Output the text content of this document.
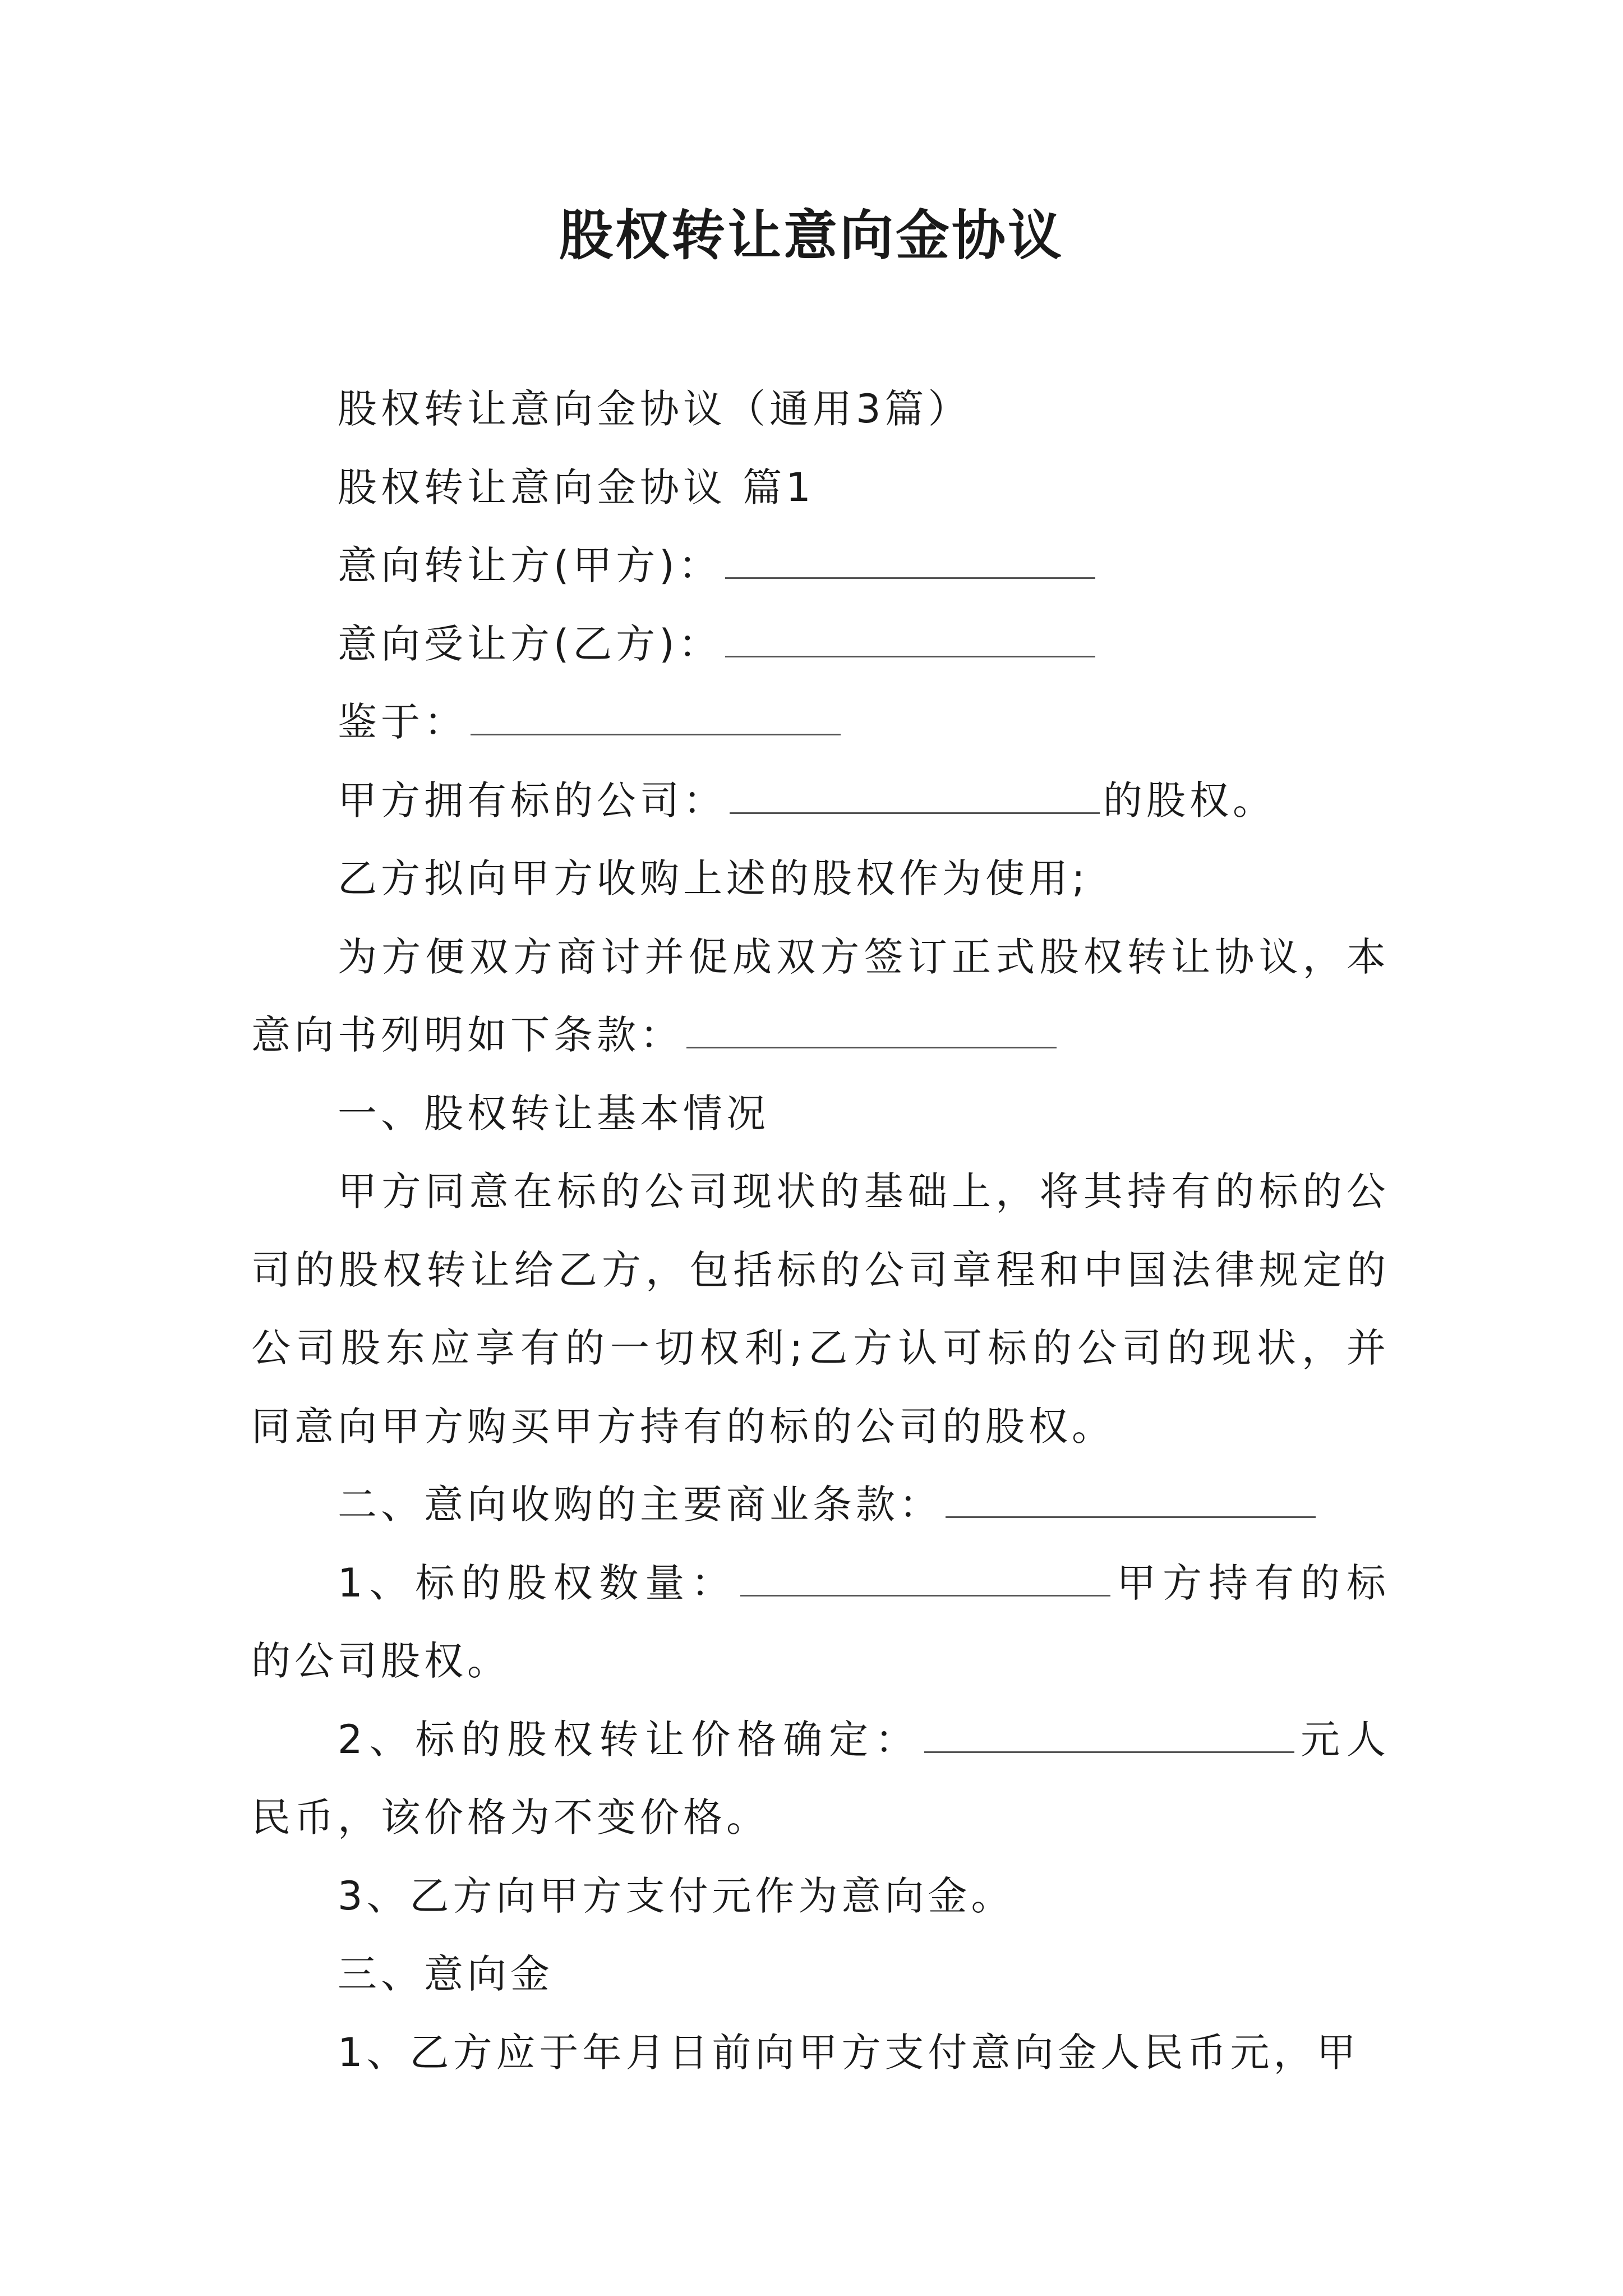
股权转让意向金协议

股权转让意向金协议（通用3篇）

股权转让意向金协议 篇1

意向转让方(甲方)：

意向受让方(乙方)：

鉴于：

甲方拥有标的公司：	的股权。

乙方拟向甲方收购上述的股权作为使用;

为方便双方商讨并促成双方签订正式股权转让协议，本意向书列明如下条款：

一、股权转让基本情况

甲方同意在标的公司现状的基础上，将其持有的标的公司的股权转让给乙方，包括标的公司章程和中国法律规定的公司股东应享有的一切权利;乙方认可标的公司的现状，并同意向甲方购买甲方持有的标的公司的股权。

二、意向收购的主要商业条款：

1、标的股权数量：	甲方持有的标的公司股权。

2、标的股权转让价格确定：	元人民币，该价格为不变价格。

3、乙方向甲方支付元作为意向金。

三、意向金

1、乙方应于年月日前向甲方支付意向金人民币元，甲
